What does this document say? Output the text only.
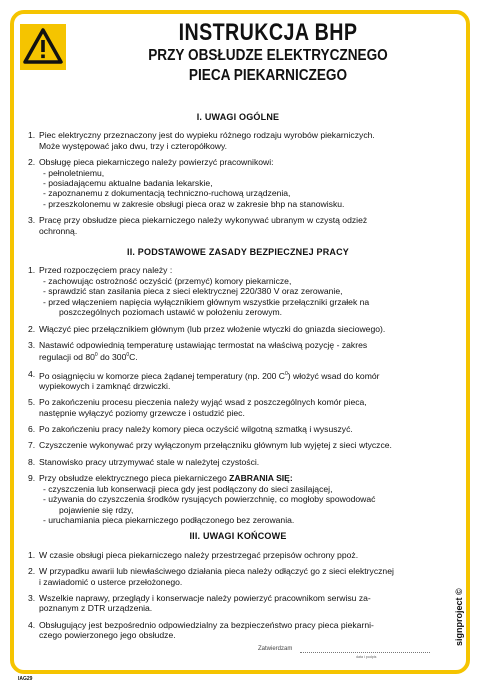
INSTRUKCJA BHP
PRZY OBSŁUDZE ELEKTRYCZNEGO
PIECA PIEKARNICZEGO
I. UWAGI OGÓLNE
1. Piec elektryczny przeznaczony jest do wypieku różnego rodzaju wyrobów piekarniczych.
Może występować jako dwu, trzy i czteropółkowy.
2. Obsługę pieca piekarniczego należy powierzyć pracownikowi:
- pełnoletniemu,
- posiadającemu aktualne badania lekarskie,
- zapoznanemu z dokumentacją techniczno-ruchową urządzenia,
- przeszkolonemu w zakresie obsługi pieca oraz w zakresie bhp na stanowisku.
3. Pracę przy obsłudze pieca piekarniczego należy wykonywać ubranym w czystą odzież
ochronną.
II. PODSTAWOWE ZASADY BEZPIECZNEJ PRACY
1. Przed rozpoczęciem pracy należy :
- zachowując ostrożność oczyścić (przemyć) komory piekarnicze,
- sprawdzić stan zasilania pieca z sieci elektrycznej 220/380 V oraz zerowanie,
- przed włączeniem napięcia wyłącznikiem głównym wszystkie przełączniki grzałek na
poszczególnych poziomach ustawić w położeniu zerowym.
2. Włączyć piec przełącznikiem głównym (lub przez włożenie wtyczki do gniazda sieciowego).
3. Nastawić odpowiednią temperaturę ustawiając termostat na właściwą pozycję - zakres
regulacji od $80^0$ do $300^0C$.
4. Po osiągnięciu w komorze pieca żądanej temperatury (np. 200 $C^0$) włożyć wsad do komór
wypiekowych i zamknąć drzwiczki.
5. Po zakończeniu procesu pieczenia należy wyjąć wsad z poszczególnych komór pieca,
następnie wyłączyć poziomy grzewcze i ostudzić piec.
6. Po zakończeniu pracy należy komory pieca oczyścić wilgotną szmatką i wysuszyć.
7. Czyszczenie wykonywać przy wyłączonym przełączniku głównym lub wyjętej z sieci wtyczce.
8. Stanowisko pracy utrzymywać stale w należytej czystości.
9. Przy obsłudze elektrycznego pieca piekarniczego ZABRANIA SIĘ:
- czyszczenia lub konserwacji pieca gdy jest podłączony do sieci zasilającej,
- używania do czyszczenia środków rysujących powierzchnię, co mogłoby spowodować
pojawienie się rdzy,
- uruchamiania pieca piekarniczego podłączonego bez zerowania.
III. UWAGI KOŃCOWE
1. W czasie obsługi pieca piekarniczego należy przestrzegać przepisów ochrony ppoż.
2. W przypadku awarii lub niewłaściwego działania pieca należy odłączyć go z sieci elektrycznej
i zawiadomić o usterce przełożonego.
3. Wszelkie naprawy, przeglądy i konserwacje należy powierzyć pracownikom serwisu za-
poznanym z DTR urządzenia.
4. Obsługujący jest bezpośrednio odpowiedzialny za bezpieczeństwo pracy pieca piekarni-
czego powierzonego jego obsłudze.
Zatwierdzam
data i podpis
signproject ©
IAG29
